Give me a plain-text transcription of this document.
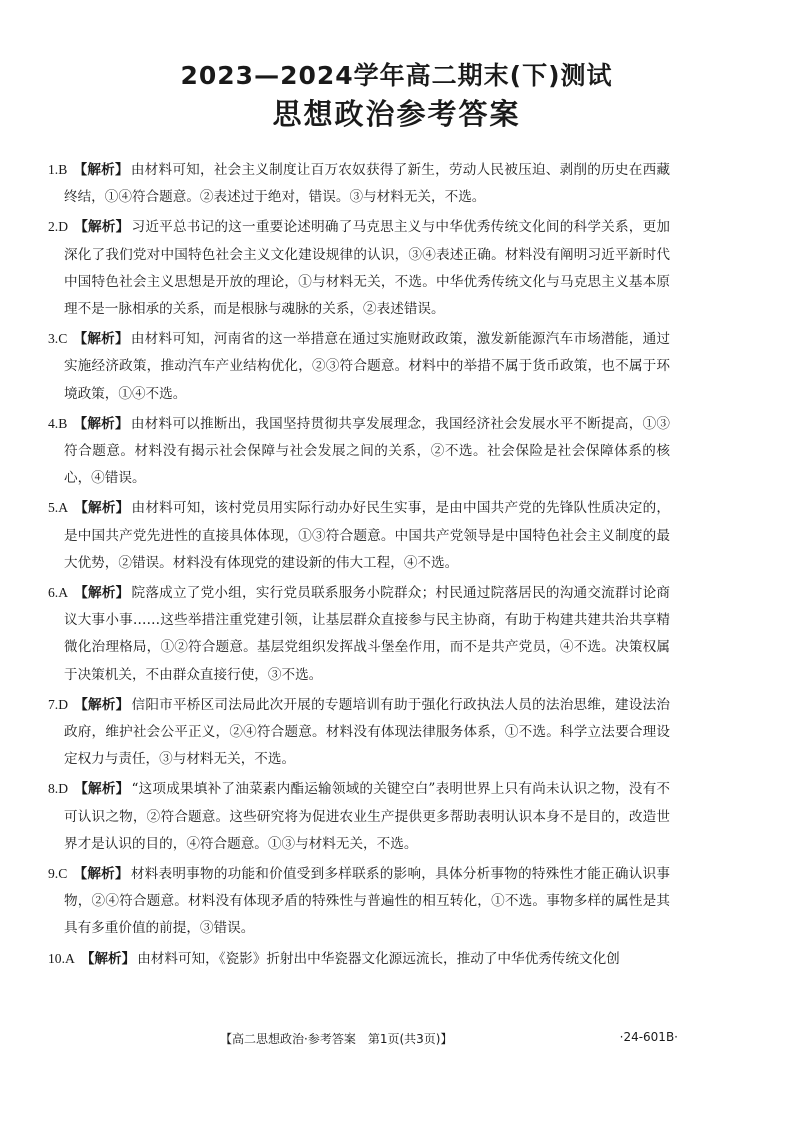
2023—2024学年高二期末(下)测试
思想政治参考答案
1.B 【解析】 由材料可知，社会主义制度让百万农奴获得了新生，劳动人民被压迫、剥削的历史在西藏终结，①④符合题意。②表述过于绝对，错误。③与材料无关，不选。
2.D 【解析】 习近平总书记的这一重要论述明确了马克思主义与中华优秀传统文化间的科学关系，更加深化了我们党对中国特色社会主义文化建设规律的认识，③④表述正确。材料没有阐明习近平新时代中国特色社会主义思想是开放的理论，①与材料无关，不选。中华优秀传统文化与马克思主义基本原理不是一脉相承的关系，而是根脉与魂脉的关系，②表述错误。
3.C 【解析】 由材料可知，河南省的这一举措意在通过实施财政政策，激发新能源汽车市场潜能，通过实施经济政策，推动汽车产业结构优化，②③符合题意。材料中的举措不属于货币政策，也不属于环境政策，①④不选。
4.B 【解析】 由材料可以推断出，我国坚持贯彻共享发展理念，我国经济社会发展水平不断提高，①③符合题意。材料没有揭示社会保障与社会发展之间的关系，②不选。社会保险是社会保障体系的核心，④错误。
5.A 【解析】 由材料可知，该村党员用实际行动办好民生实事，是由中国共产党的先锋队性质决定的，是中国共产党先进性的直接具体体现，①③符合题意。中国共产党领导是中国特色社会主义制度的最大优势，②错误。材料没有体现党的建设新的伟大工程，④不选。
6.A 【解析】 院落成立了党小组，实行党员联系服务小院群众；村民通过院落居民的沟通交流群讨论商议大事小事……这些举措注重党建引领，让基层群众直接参与民主协商，有助于构建共建共治共享精微化治理格局，①②符合题意。基层党组织发挥战斗堡垒作用，而不是共产党员，④不选。决策权属于决策机关，不由群众直接行使，③不选。
7.D 【解析】 信阳市平桥区司法局此次开展的专题培训有助于强化行政执法人员的法治思维，建设法治政府，维护社会公平正义，②④符合题意。材料没有体现法律服务体系，①不选。科学立法要合理设定权力与责任，③与材料无关，不选。
8.D 【解析】 “这项成果填补了油菜素内酯运输领域的关键空白”表明世界上只有尚未认识之物，没有不可认识之物，②符合题意。这些研究将为促进农业生产提供更多帮助表明认识本身不是目的，改造世界才是认识的目的，④符合题意。①③与材料无关，不选。
9.C 【解析】 材料表明事物的功能和价值受到多样联系的影响，具体分析事物的特殊性才能正确认识事物，②④符合题意。材料没有体现矛盾的特殊性与普遍性的相互转化，①不选。事物多样的属性是其具有多重价值的前提，③错误。
10.A 【解析】 由材料可知，《瓷影》折射出中华瓷器文化源远流长，推动了中华优秀传统文化创
【高二思想政治·参考答案　第1页(共3页)】	·24-601B·
